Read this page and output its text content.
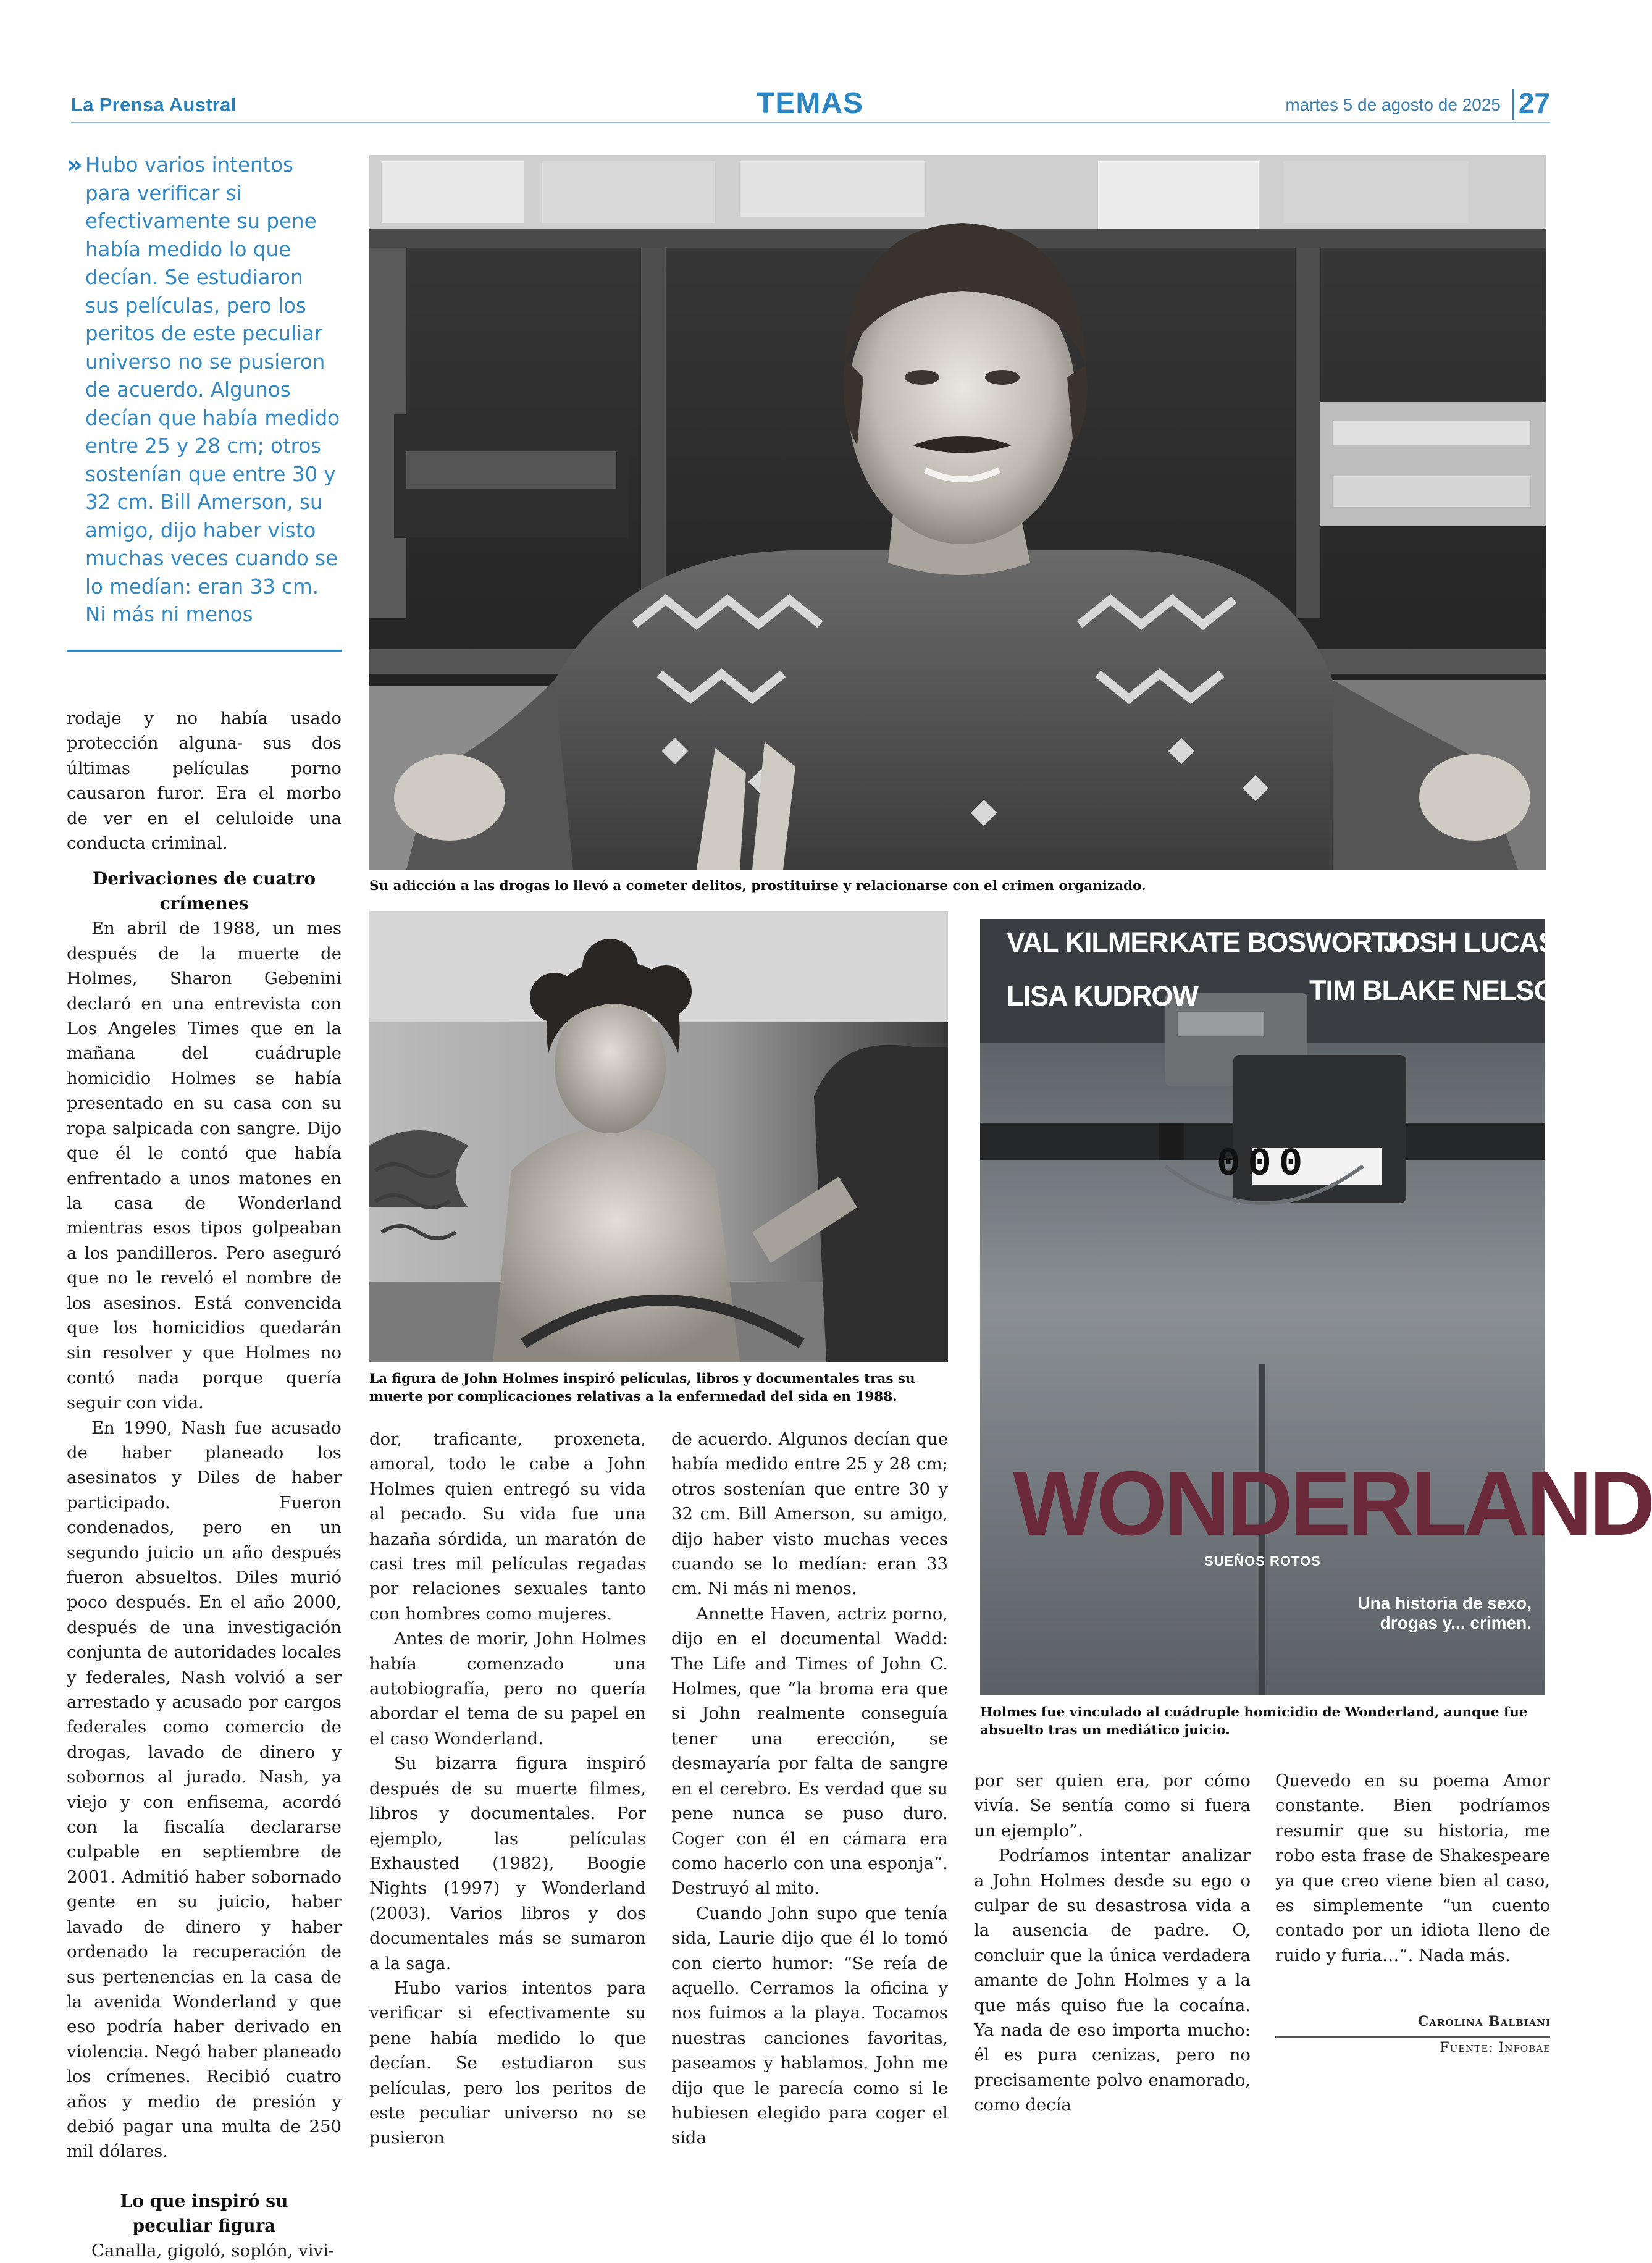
La Prensa Austral	TEMAS	martes 5 de agosto de 2025 27
» Hubo varios intentos para verificar si efectivamente su pene había medido lo que decían. Se estudiaron sus películas, pero los peritos de este peculiar universo no se pusieron de acuerdo. Algunos decían que había medido entre 25 y 28 cm; otros sostenían que entre 30 y 32 cm. Bill Amerson, su amigo, dijo haber visto muchas veces cuando se lo medían: eran 33 cm. Ni más ni menos

rodaje y no había usado protección alguna- sus dos últimas películas porno causaron furor. Era el morbo de ver en el celuloide una conducta criminal.

Derivaciones de cuatro crímenes

En abril de 1988, un mes después de la muerte de Holmes, Sharon Gebenini declaró en una entrevista con Los Angeles Times que en la mañana del cuádruple homicidio Holmes se había presentado en su casa con su ropa salpicada con sangre. Dijo que él le contó que había enfrentado a unos matones en la casa de Wonderland mientras esos tipos golpeaban a los pandilleros. Pero aseguró que no le reveló el nombre de los asesinos. Está convencida que los homicidios quedarán sin resolver y que Holmes no contó nada porque quería seguir con vida.

En 1990, Nash fue acusado de haber planeado los asesinatos y Diles de haber participado. Fueron condenados, pero en un segundo juicio un año después fueron absueltos. Diles murió poco después. En el año 2000, después de una investigación conjunta de autoridades locales y federales, Nash volvió a ser arrestado y acusado por cargos federales como comercio de drogas, lavado de dinero y sobornos al jurado. Nash, ya viejo y con enfisema, acordó con la fiscalía declararse culpable en septiembre de 2001. Admitió haber sobornado gente en su juicio, haber lavado de dinero y haber ordenado la recuperación de sus pertenencias en la casa de la avenida Wonderland y que eso podría haber derivado en violencia. Negó haber planeado los crímenes. Recibió cuatro años y medio de presión y debió pagar una multa de 250 mil dólares.

Lo que inspiró su peculiar figura

Canalla, gigoló, soplón, vivi-

Su adicción a las drogas lo llevó a cometer delitos, prostituirse y relacionarse con el crimen organizado.
La figura de John Holmes inspiró películas, libros y documentales tras su muerte por complicaciones relativas a la enfermedad del sida en 1988.
VAL KILMER KATE BOSWORTH
JOSH LUCAS
LISA KUDROW	TIM BLAKE NELSON
000
WONDERLAND
SUEÑOS ROTOS
Una historia de sexo, drogas y... crimen.
Holmes fue vinculado al cuádruple homicidio de Wonderland, aunque fue absuelto tras un mediático juicio.

dor, traficante, proxeneta, amoral, todo le cabe a John Holmes quien entregó su vida al pecado. Su vida fue una hazaña sórdida, un maratón de casi tres mil películas regadas por relaciones sexuales tanto con hombres como mujeres.

Antes de morir, John Holmes había comenzado una autobiografía, pero no quería abordar el tema de su papel en el caso Wonderland.

Su bizarra figura inspiró después de su muerte filmes, libros y documentales. Por ejemplo, las películas Exhausted (1982), Boogie Nights (1997) y Wonderland (2003). Varios libros y dos documentales más se sumaron a la saga.

Hubo varios intentos para verificar si efectivamente su pene había medido lo que decían. Se estudiaron sus películas, pero los peritos de este peculiar universo no se pusieron

de acuerdo. Algunos decían que había medido entre 25 y 28 cm; otros sostenían que entre 30 y 32 cm. Bill Amerson, su amigo, dijo haber visto muchas veces cuando se lo medían: eran 33 cm. Ni más ni menos.

Annette Haven, actriz porno, dijo en el documental Wadd: The Life and Times of John C. Holmes, que “la broma era que si John realmente conseguía tener una erección, se desmayaría por falta de sangre en el cerebro. Es verdad que su pene nunca se puso duro. Coger con él en cámara era como hacerlo con una esponja”. Destruyó al mito.

Cuando John supo que tenía sida, Laurie dijo que él lo tomó con cierto humor: “Se reía de aquello. Cerramos la oficina y nos fuimos a la playa. Tocamos nuestras canciones favoritas, paseamos y hablamos. John me dijo que le parecía como si le hubiesen elegido para coger el sida

por ser quien era, por cómo vivía. Se sentía como si fuera un ejemplo”.

Podríamos intentar analizar a John Holmes desde su ego o culpar de su desastrosa vida a la ausencia de padre. O, concluir que la única verdadera amante de John Holmes y a la que más quiso fue la cocaína. Ya nada de eso importa mucho: él es pura cenizas, pero no precisamente polvo enamorado, como decía

Quevedo en su poema Amor constante. Bien podríamos resumir que su historia, me robo esta frase de Shakespeare ya que creo viene bien al caso, es simplemente “un cuento contado por un idiota lleno de ruido y furia…”. Nada más.

Carolina Balbiani
Fuente: Infobae
